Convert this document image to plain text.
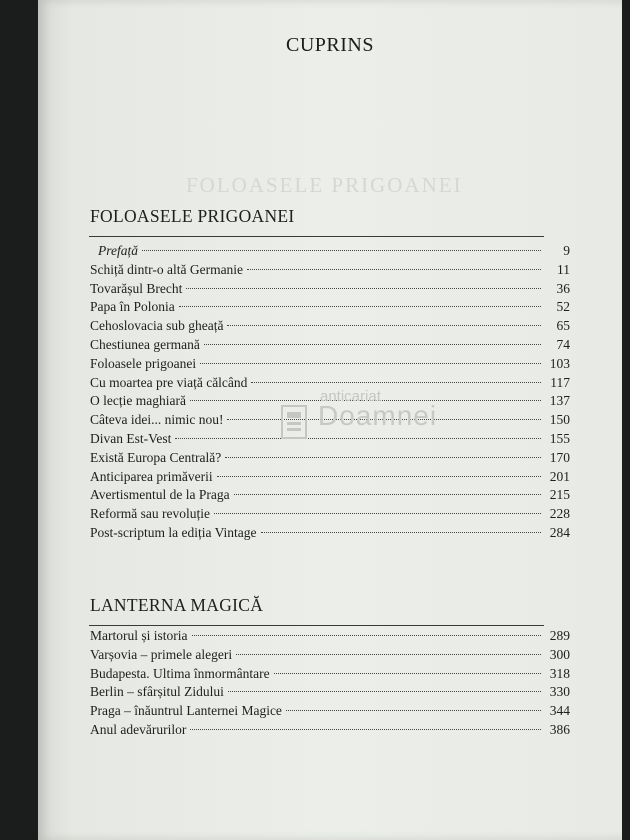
CUPRINS
FOLOASELE PRIGOANEI
FOLOASELE PRIGOANEI
Prefață	9
Schiță dintr-o altă Germanie	11
Tovarășul Brecht	36
Papa în Polonia	52
Cehoslovacia sub gheață	65
Chestiunea germană	74
Foloasele prigoanei	103
Cu moartea pre viață călcând	117
O lecție maghiară	137
Câteva idei... nimic nou!	150
Divan Est-Vest	155
Există Europa Centrală?	170
Anticiparea primăverii	201
Avertismentul de la Praga	215
Reformă sau revoluție	228
Post-scriptum la ediția Vintage	284
LANTERNA MAGICĂ
Martorul și istoria	289
Varșovia – primele alegeri	300
Budapesta. Ultima înmormântare	318
Berlin – sfârșitul Zidului	330
Praga – înăuntrul Lanternei Magice	344
Anul adevărurilor	386
anticariat
Doamnei
